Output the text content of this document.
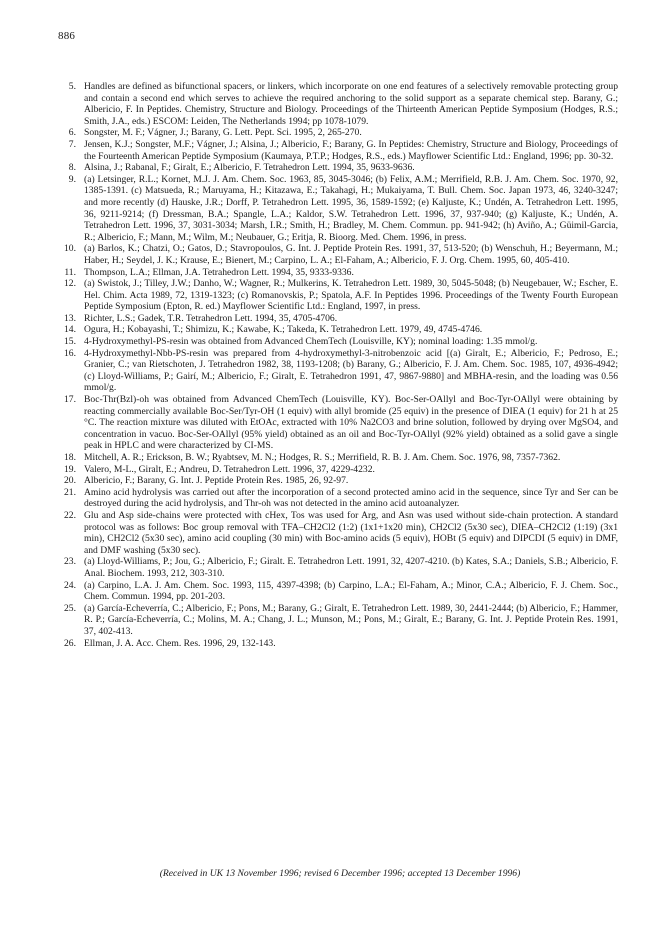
886
5. Handles are defined as bifunctional spacers, or linkers, which incorporate on one end features of a selectively removable protecting group and contain a second end which serves to achieve the required anchoring to the solid support as a separate chemical step. Barany, G.; Albericio, F. In Peptides. Chemistry, Structure and Biology. Proceedings of the Thirteenth American Peptide Symposium (Hodges, R.S.; Smith, J.A., eds.) ESCOM: Leiden, The Netherlands 1994; pp 1078-1079.
6. Songster, M. F.; Vágner, J.; Barany, G. Lett. Pept. Sci. 1995, 2, 265-270.
7. Jensen, K.J.; Songster, M.F.; Vágner, J.; Alsina, J.; Albericio, F.; Barany, G. In Peptides: Chemistry, Structure and Biology, Proceedings of the Fourteenth American Peptide Symposium (Kaumaya, P.T.P.; Hodges, R.S., eds.) Mayflower Scientific Ltd.: England, 1996; pp. 30-32.
8. Alsina, J.; Rabanal, F.; Giralt, E.; Albericio, F. Tetrahedron Lett. 1994, 35, 9633-9636.
9. (a) Letsinger, R.L.; Kornet, M.J. J. Am. Chem. Soc. 1963, 85, 3045-3046; (b) Felix, A.M.; Merrifield, R.B. J. Am. Chem. Soc. 1970, 92, 1385-1391. (c) Matsueda, R.; Maruyama, H.; Kitazawa, E.; Takahagi, H.; Mukaiyama, T. Bull. Chem. Soc. Japan 1973, 46, 3240-3247; and more recently (d) Hauske, J.R.; Dorff, P. Tetrahedron Lett. 1995, 36, 1589-1592; (e) Kaljuste, K.; Undén, A. Tetrahedron Lett. 1995, 36, 9211-9214; (f) Dressman, B.A.; Spangle, L.A.; Kaldor, S.W. Tetrahedron Lett. 1996, 37, 937-940; (g) Kaljuste, K.; Undén, A. Tetrahedron Lett. 1996, 37, 3031-3034; Marsh, I.R.; Smith, H.; Bradley, M. Chem. Commun. pp. 941-942; (h) Aviño, A.; Güimil-Garcia, R.; Albericio, F.; Mann, M.; Wilm, M.; Neubauer, G.; Eritja, R. Bioorg. Med. Chem. 1996, in press.
10. (a) Barlos, K.; Chatzi, O.; Gatos, D.; Stavropoulos, G. Int. J. Peptide Protein Res. 1991, 37, 513-520; (b) Wenschuh, H.; Beyermann, M.; Haber, H.; Seydel, J. K.; Krause, E.; Bienert, M.; Carpino, L. A.; El-Faham, A.; Albericio, F. J. Org. Chem. 1995, 60, 405-410.
11. Thompson, L.A.; Ellman, J.A. Tetrahedron Lett. 1994, 35, 9333-9336.
12. (a) Swistok, J.; Tilley, J.W.; Danho, W.; Wagner, R.; Mulkerins, K. Tetrahedron Lett. 1989, 30, 5045-5048; (b) Neugebauer, W.; Escher, E. Hel. Chim. Acta 1989, 72, 1319-1323; (c) Romanovskis, P.; Spatola, A.F. In Peptides 1996. Proceedings of the Twenty Fourth European Peptide Symposium (Epton, R. ed.) Mayflower Scientific Ltd.: England, 1997, in press.
13. Richter, L.S.; Gadek, T.R. Tetrahedron Lett. 1994, 35, 4705-4706.
14. Ogura, H.; Kobayashi, T.; Shimizu, K.; Kawabe, K.; Takeda, K. Tetrahedron Lett. 1979, 49, 4745-4746.
15. 4-Hydroxymethyl-PS-resin was obtained from Advanced ChemTech (Louisville, KY); nominal loading: 1.35 mmol/g.
16. 4-Hydroxymethyl-Nbb-PS-resin was prepared from 4-hydroxymethyl-3-nitrobenzoic acid [(a) Giralt, E.; Albericio, F.; Pedroso, E.; Granier, C.; van Rietschoten, J. Tetrahedron 1982, 38, 1193-1208; (b) Barany, G.; Albericio, F. J. Am. Chem. Soc. 1985, 107, 4936-4942; (c) Lloyd-Williams, P.; Gairí, M.; Albericio, F.; Giralt, E. Tetrahedron 1991, 47, 9867-9880] and MBHA-resin, and the loading was 0.56 mmol/g.
17. Boc-Thr(Bzl)-oh was obtained from Advanced ChemTech (Louisville, KY). Boc-Ser-OAllyl and Boc-Tyr-OAllyl were obtaining by reacting commercially available Boc-Ser/Tyr-OH (1 equiv) with allyl bromide (25 equiv) in the presence of DIEA (1 equiv) for 21 h at 25 °C. The reaction mixture was diluted with EtOAc, extracted with 10% Na2CO3 and brine solution, followed by drying over MgSO4, and concentration in vacuo. Boc-Ser-OAllyl (95% yield) obtained as an oil and Boc-Tyr-OAllyl (92% yield) obtained as a solid gave a single peak in HPLC and were characterized by CI-MS.
18. Mitchell, A. R.; Erickson, B. W.; Ryabtsev, M. N.; Hodges, R. S.; Merrifield, R. B. J. Am. Chem. Soc. 1976, 98, 7357-7362.
19. Valero, M-L., Giralt, E.; Andreu, D. Tetrahedron Lett. 1996, 37, 4229-4232.
20. Albericio, F.; Barany, G. Int. J. Peptide Protein Res. 1985, 26, 92-97.
21. Amino acid hydrolysis was carried out after the incorporation of a second protected amino acid in the sequence, since Tyr and Ser can be destroyed during the acid hydrolysis, and Thr-oh was not detected in the amino acid autoanalyzer.
22. Glu and Asp side-chains were protected with cHex, Tos was used for Arg, and Asn was used without side-chain protection. A standard protocol was as follows: Boc group removal with TFA–CH2Cl2 (1:2) (1x1+1x20 min), CH2Cl2 (5x30 sec), DIEA–CH2Cl2 (1:19) (3x1 min), CH2Cl2 (5x30 sec), amino acid coupling (30 min) with Boc-amino acids (5 equiv), HOBt (5 equiv) and DIPCDI (5 equiv) in DMF, and DMF washing (5x30 sec).
23. (a) Lloyd-Williams, P.; Jou, G.; Albericio, F.; Giralt. E. Tetrahedron Lett. 1991, 32, 4207-4210. (b) Kates, S.A.; Daniels, S.B.; Albericio, F. Anal. Biochem. 1993, 212, 303-310.
24. (a) Carpino, L.A. J. Am. Chem. Soc. 1993, 115, 4397-4398; (b) Carpino, L.A.; El-Faham, A.; Minor, C.A.; Albericio, F. J. Chem. Soc., Chem. Commun. 1994, pp. 201-203.
25. (a) García-Echeverría, C.; Albericio, F.; Pons, M.; Barany, G.; Giralt, E. Tetrahedron Lett. 1989, 30, 2441-2444; (b) Albericio, F.; Hammer, R. P.; García-Echeverría, C.; Molins, M. A.; Chang, J. L.; Munson, M.; Pons, M.; Giralt, E.; Barany, G. Int. J. Peptide Protein Res. 1991, 37, 402-413.
26. Ellman, J. A. Acc. Chem. Res. 1996, 29, 132-143.
(Received in UK 13 November 1996; revised 6 December 1996; accepted 13 December 1996)
